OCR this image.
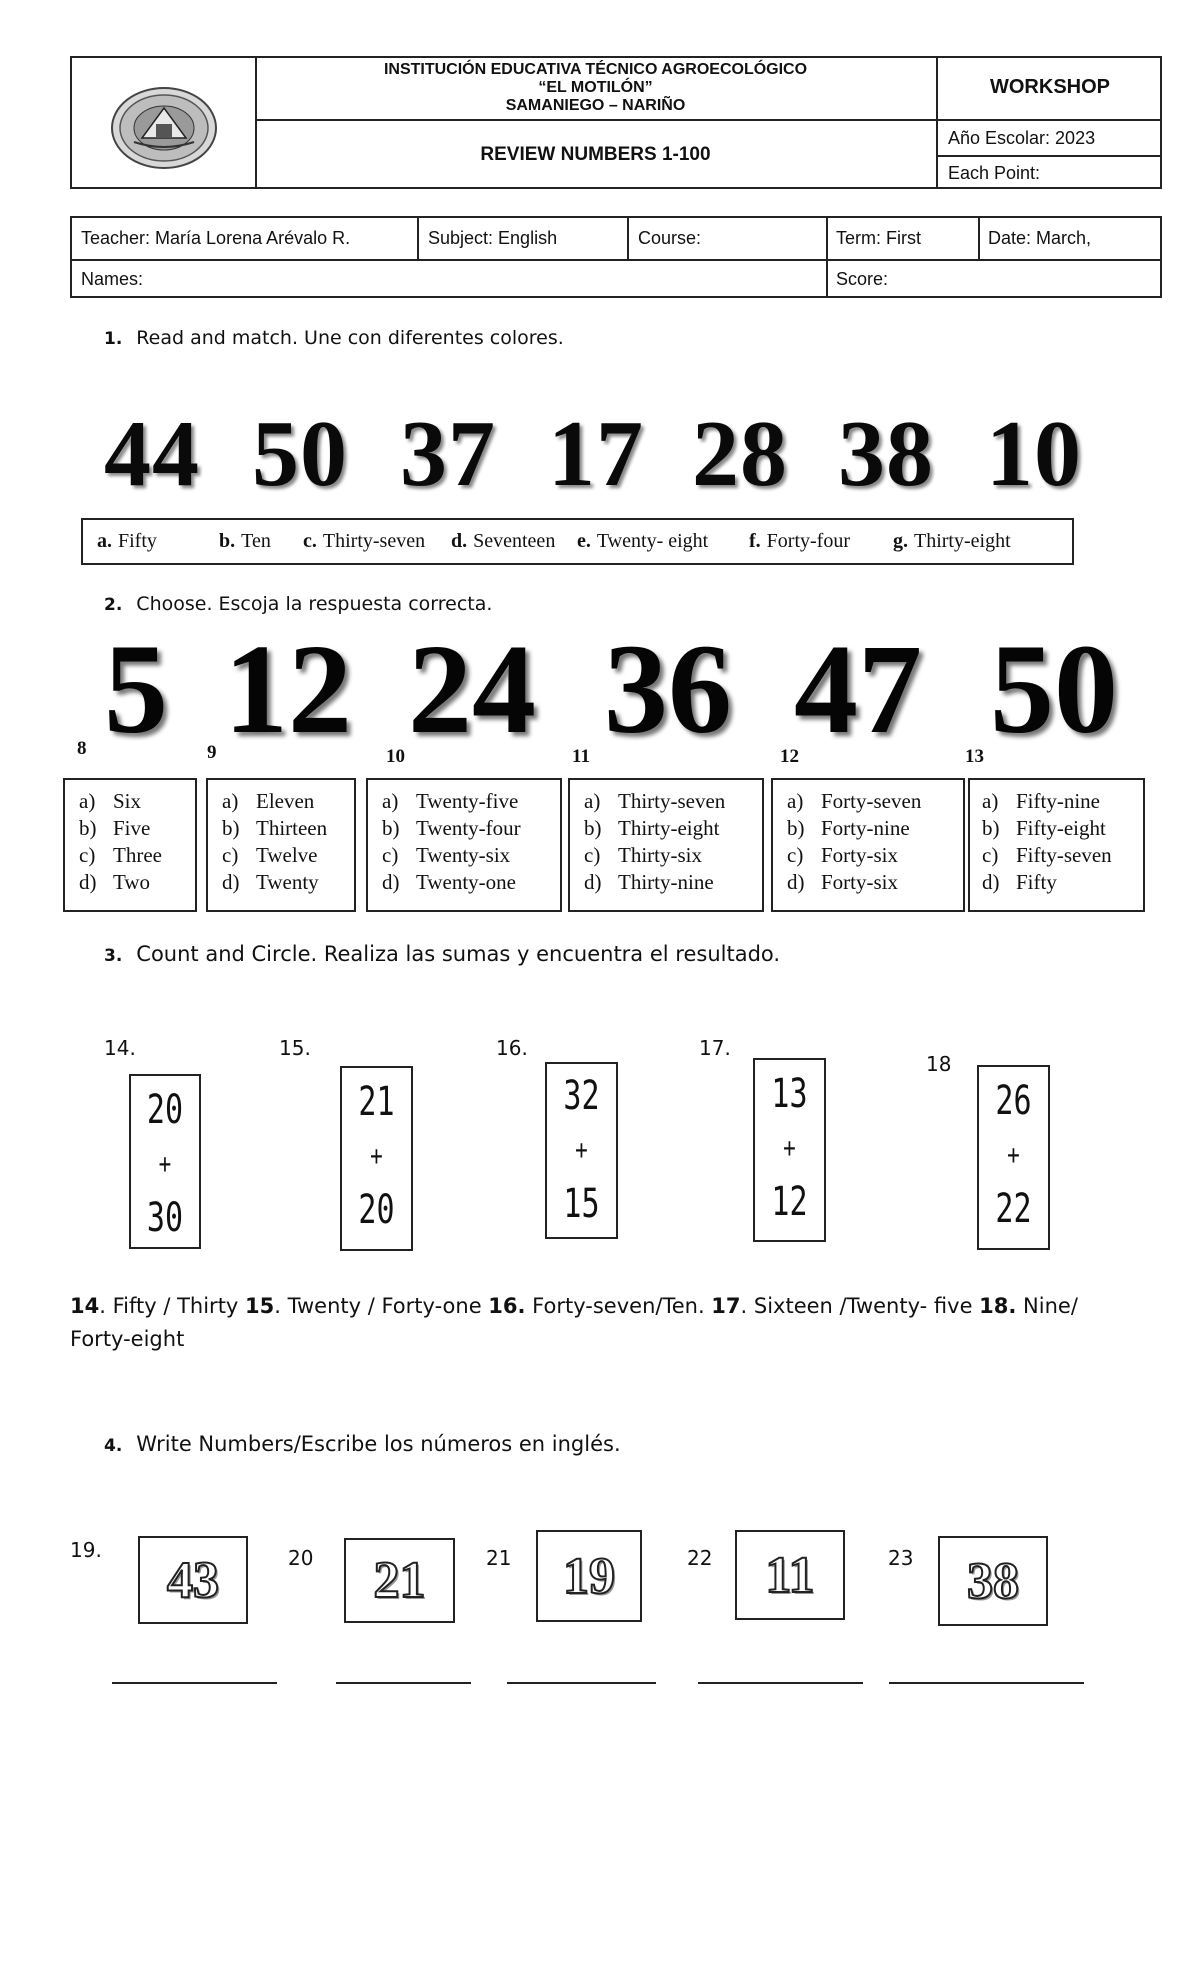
INSTITUCIÓN EDUCATIVA TÉCNICO AGROECOLÓGICO
“EL MOTILÓN”
SAMANIEGO – NARIÑO
REVIEW NUMBERS 1-100
WORKSHOP
Año Escolar: 2023
Each Point:
Teacher: María Lorena Arévalo R.	Subject: English	Course:	Term: First	Date: March,
Names:	Score:
1. Read and match. Une con diferentes colores.
44 50 37 17 28 38 10
a. Fifty	b. Ten c. Thirty-seven d. Seventeen e. Twenty- eight f. Forty-four g. Thirty-eight
2. Choose. Escoja la respuesta correcta.
5 12 24 36 47 50
8	9	10	11	12	13
a) Six
b) Five
c) Three
d) Two
a) Eleven
b) Thirteen
c) Twelve
d) Twenty
a) Twenty-five
b) Twenty-four
c) Twenty-six
d) Twenty-one
a) Thirty-seven
b) Thirty-eight
c) Thirty-six
d) Thirty-nine
a) Forty-seven
b) Forty-nine
c) Forty-six
d) Forty-six
a) Fifty-nine
b) Fifty-eight
c) Fifty-seven
d) Fifty
3. Count and Circle. Realiza las sumas y encuentra el resultado.
14.	15.	16.	17.
18
20
+
30
21
+
20
32
+
15
13
+
12
26
+
22
14. Fifty / Thirty 15. Twenty / Forty-one 16. Forty-seven/Ten. 17. Sixteen /Twenty- five 18. Nine/ Forty-eight
4. Write Numbers/Escribe los números en inglés.
19.	20	21	22	23
43	21	19	11	38
